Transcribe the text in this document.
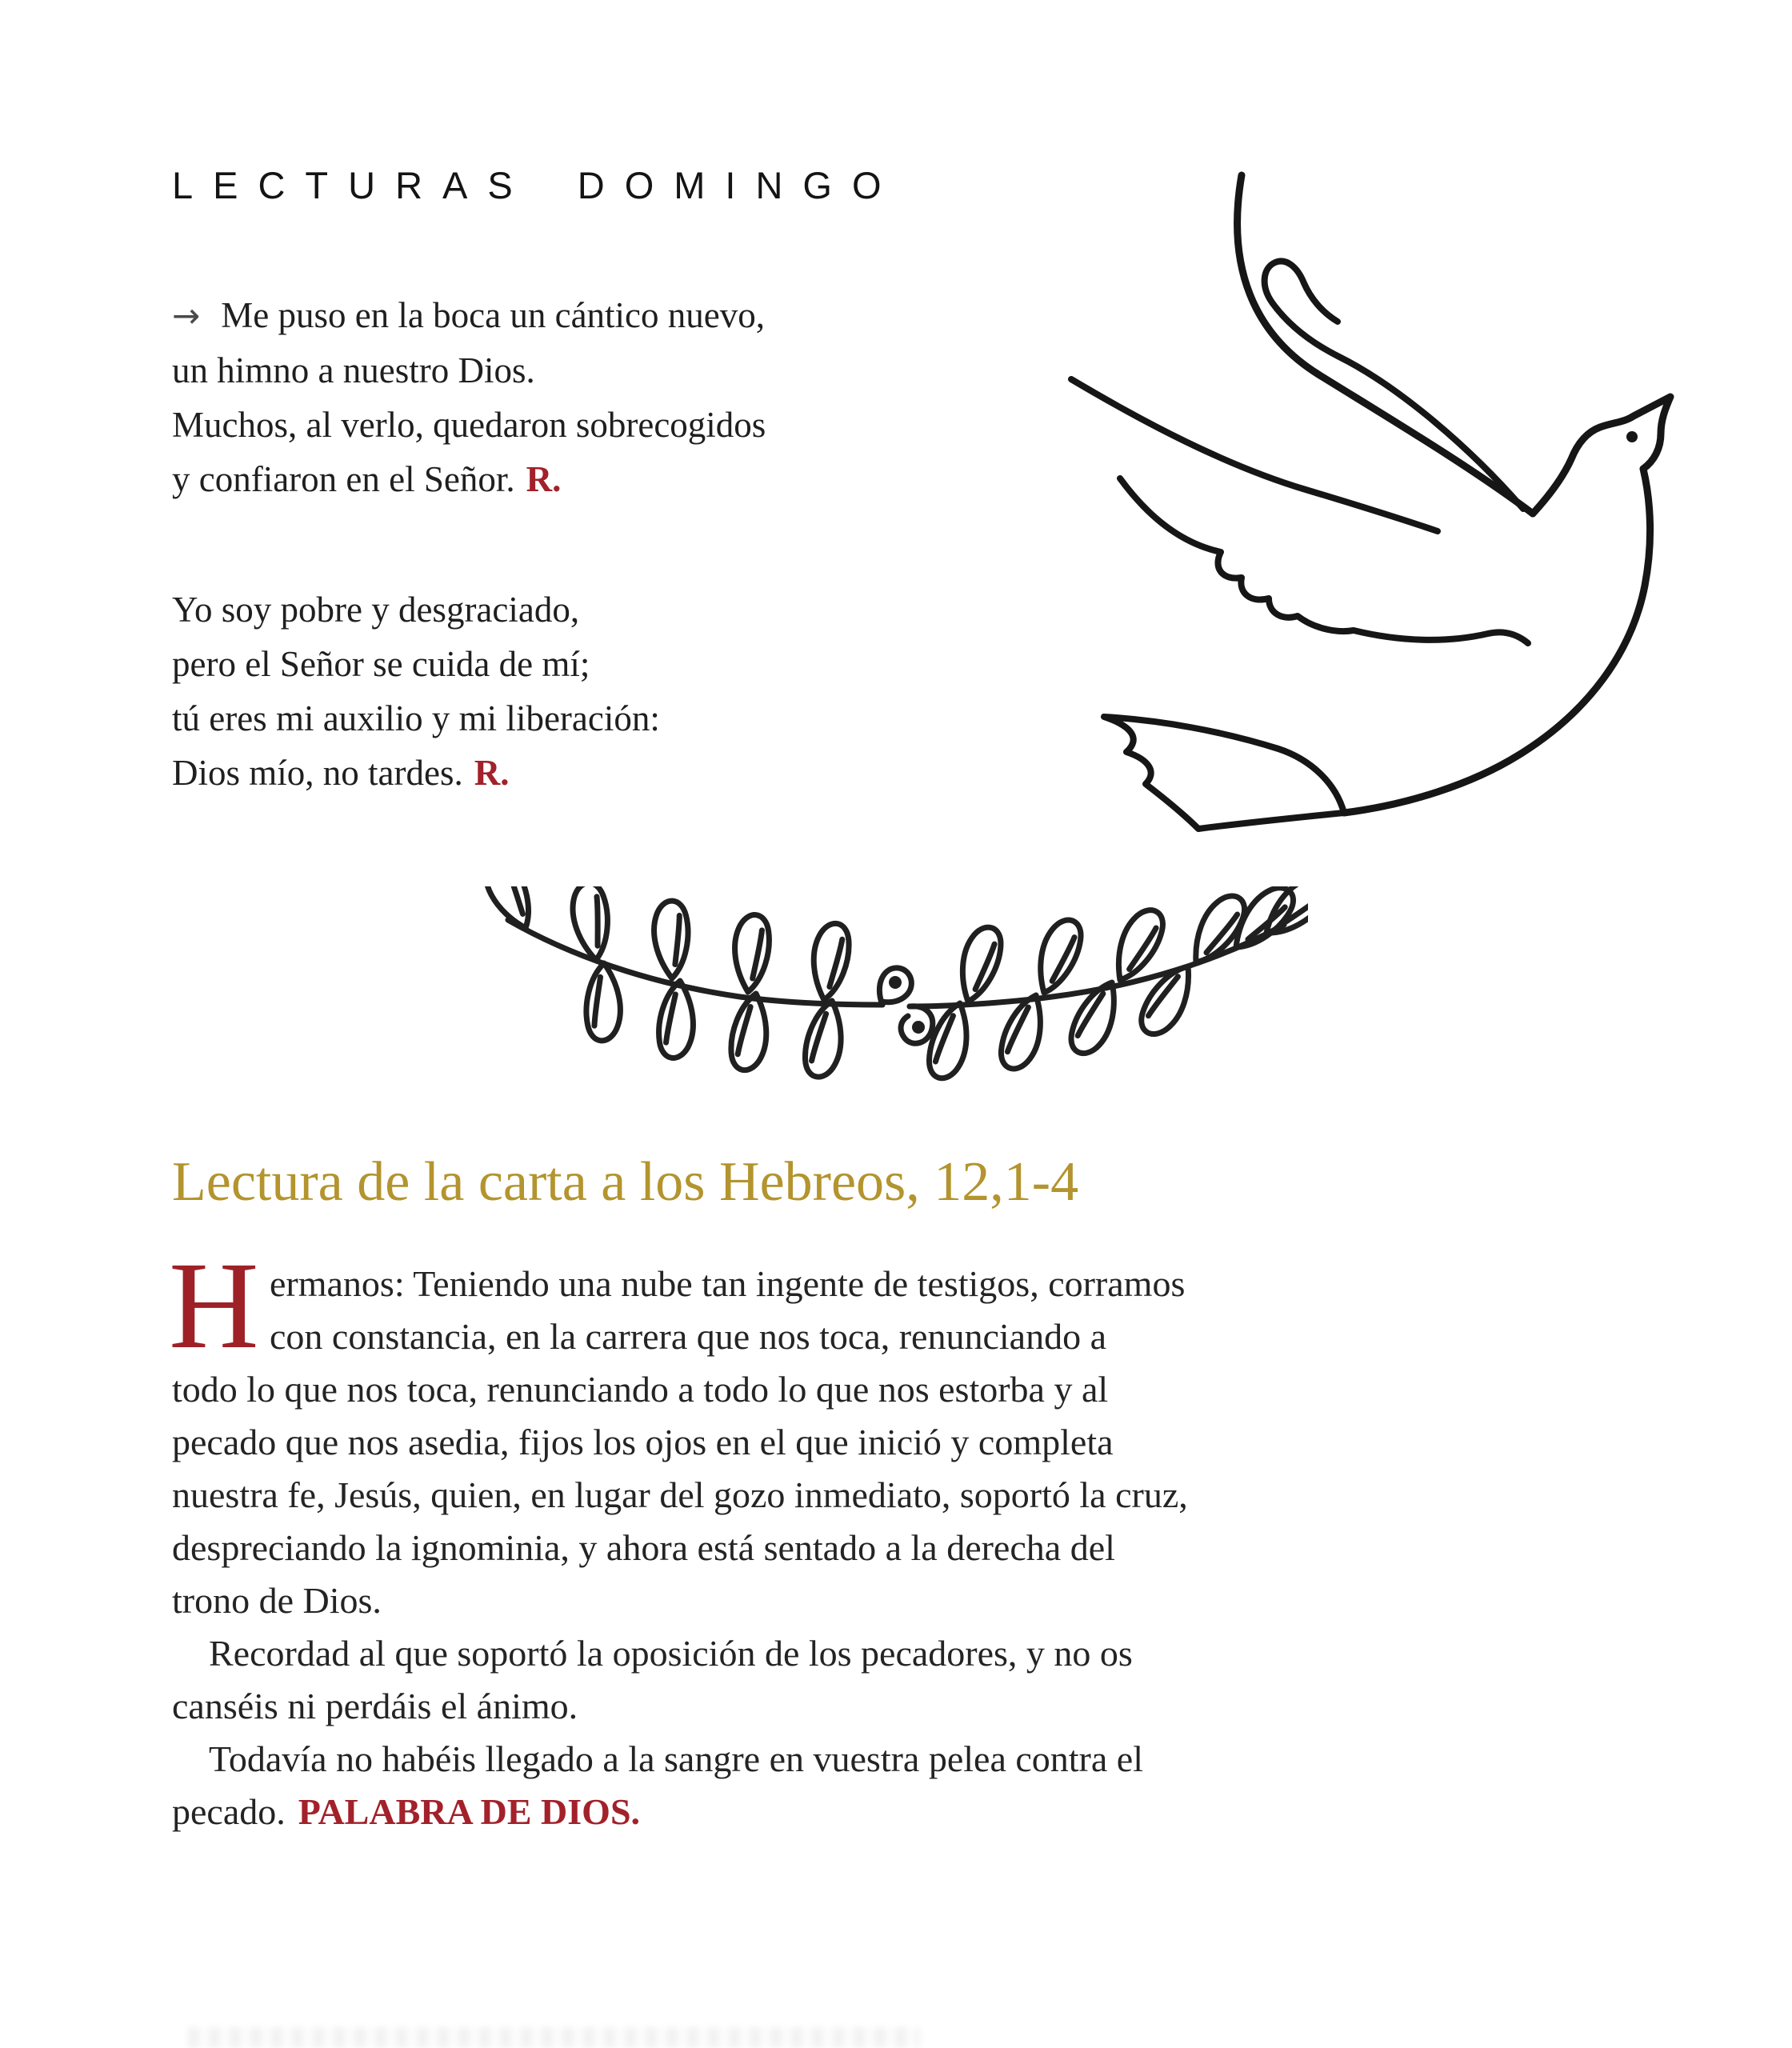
LECTURAS DOMINGO
→ Me puso en la boca un cántico nuevo,
un himno a nuestro Dios.
Muchos, al verlo, quedaron sobrecogidos
y confiaron en el Señor. R.
Yo soy pobre y desgraciado,
pero el Señor se cuida de mí;
tú eres mi auxilio y mi liberación:
Dios mío, no tardes. R.
Lectura de la carta a los Hebreos, 12,1-4
H ermanos: Teniendo una nube tan ingente de testigos, corramos
con constancia, en la carrera que nos toca, renunciando a
todo lo que nos toca, renunciando a todo lo que nos estorba y al
pecado que nos asedia, fijos los ojos en el que inició y completa
nuestra fe, Jesús, quien, en lugar del gozo inmediato, soportó la cruz,
despreciando la ignominia, y ahora está sentado a la derecha del
trono de Dios.
Recordad al que soportó la oposición de los pecadores, y no os
canséis ni perdáis el ánimo.
Todavía no habéis llegado a la sangre en vuestra pelea contra el
pecado. PALABRA DE DIOS.
